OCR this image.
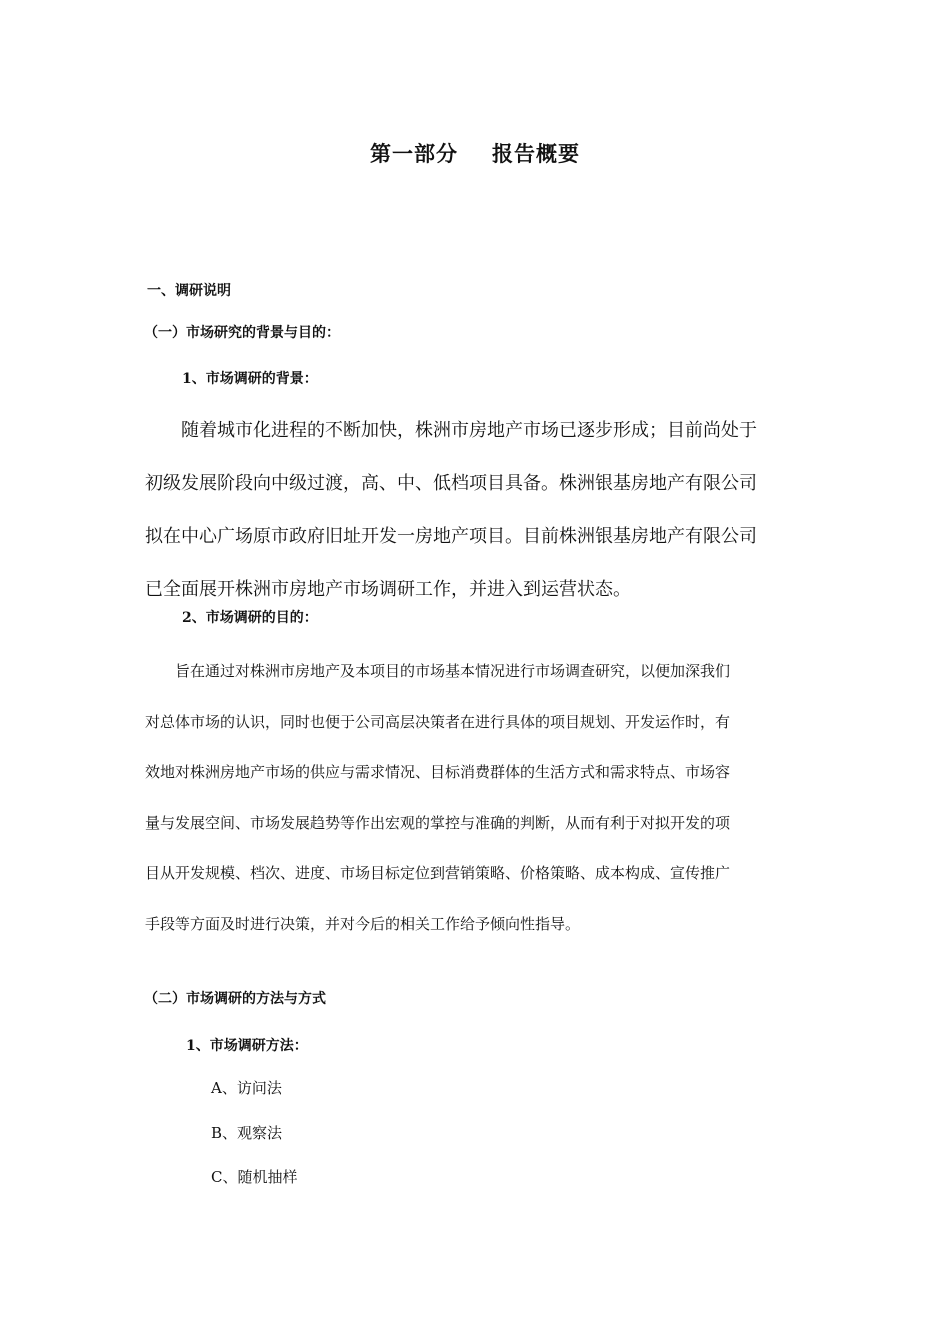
第一部分 报告概要
一、调研说明
（一）市场研究的背景与目的：
1、市场调研的背景：

　　随着城市化进程的不断加快，株洲市房地产市场已逐步形成；目前尚处于

初级发展阶段向中级过渡，高、中、低档项目具备。株洲银基房地产有限公司

拟在中心广场原市政府旧址开发一房地产项目。目前株洲银基房地产有限公司

已全面展开株洲市房地产市场调研工作，并进入到运营状态。

2、市场调研的目的：

　　旨在通过对株洲市房地产及本项目的市场基本情况进行市场调查研究，以便加深我们

对总体市场的认识，同时也便于公司高层决策者在进行具体的项目规划、开发运作时，有

效地对株洲房地产市场的供应与需求情况、目标消费群体的生活方式和需求特点、市场容

量与发展空间、市场发展趋势等作出宏观的掌控与准确的判断，从而有利于对拟开发的项

目从开发规模、档次、进度、市场目标定位到营销策略、价格策略、成本构成、宣传推广

手段等方面及时进行决策，并对今后的相关工作给予倾向性指导。

（二）市场调研的方法与方式
1、市场调研方法：
A、访问法
B、观察法
C、随机抽样
